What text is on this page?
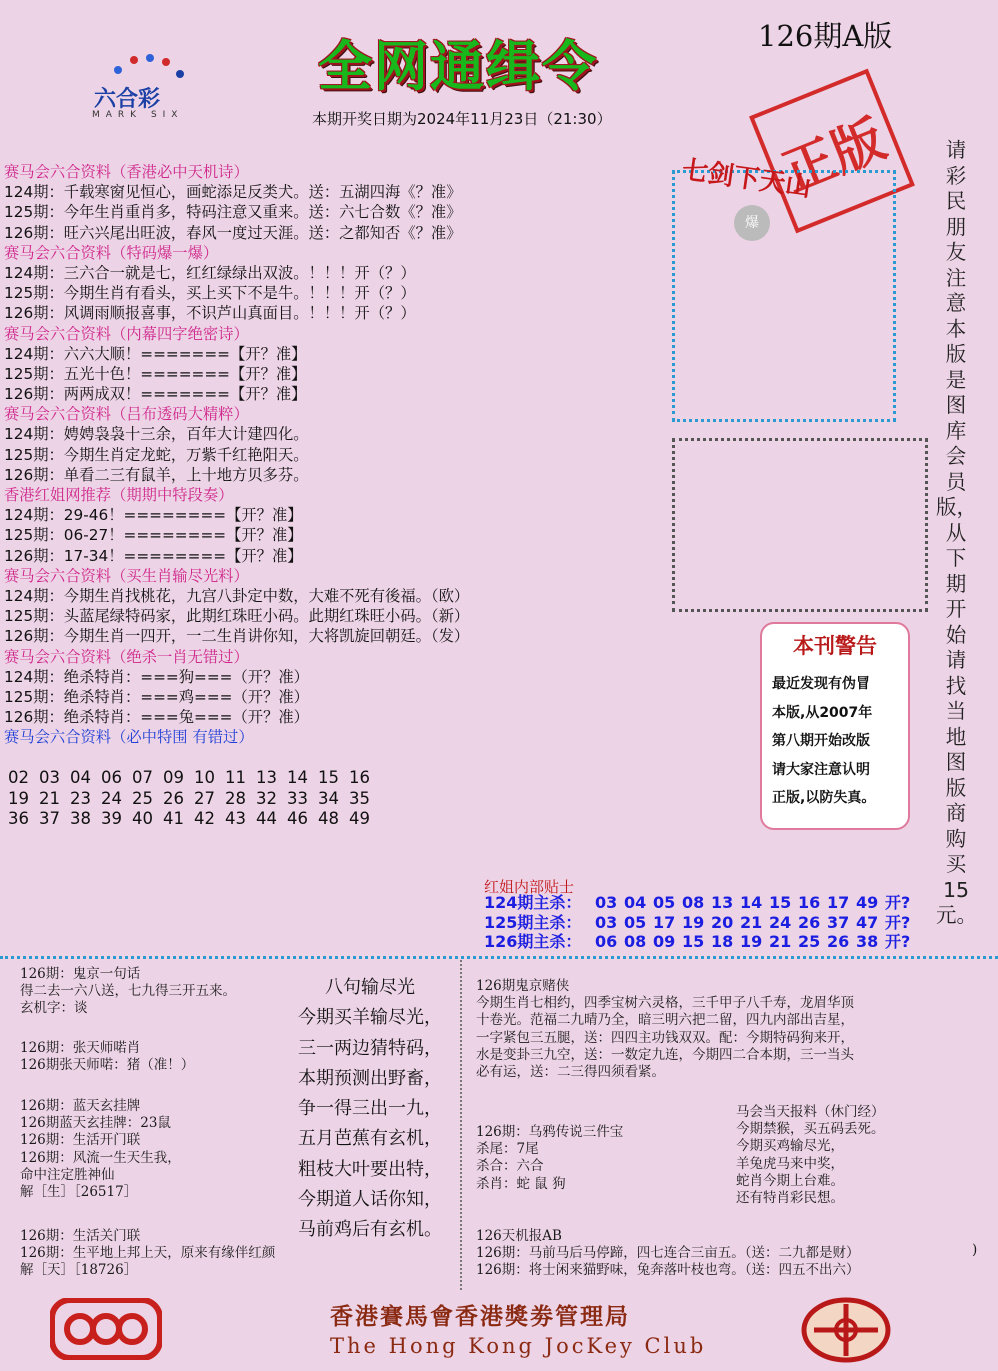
六合彩
MARK SIX
全网通缉令	126期A版
本期开奖日期为2024年11月23日（21:30）	正版
赛马会六合资料（香港必中天机诗）
124期：千载寒窗见恒心，画蛇添足反类犬。送：五湖四海《？准》
125期：今年生肖重肖多，特码注意又重来。送：六七合数《？准》
126期：旺六兴尾出旺波，春风一度过天涯。送：之都知否《？准》
赛马会六合资料（特码爆一爆）
124期：三六合一就是七，红红绿绿出双波。！！！开（？）
125期：今期生肖有看头，买上买下不是牛。！！！开（？）
126期：风调雨顺报喜事，不识芦山真面目。！！！开（？）
赛马会六合资料（内幕四字绝密诗）
124期：六六大顺！=======【开？准】
125期：五光十色！=======【开？准】
126期：两两成双！=======【开？准】
赛马会六合资料（吕布透码大精粹）
124期：娉娉袅袅十三余，百年大计建四化。
125期：今期生肖定龙蛇，万紫千红艳阳天。
126期：单看二三有鼠羊，上十地方贝多芬。
香港红姐网推荐（期期中特段奏）
124期：29-46！========【开？准】
125期：06-27！========【开？准】
126期：17-34！========【开？准】
赛马会六合资料（买生肖输尽光料）
124期：今期生肖找桃花，九宫八卦定中数，大难不死有後福。（欧）
125期：头蓝尾绿特码家，此期红珠旺小码。此期红珠旺小码。（新）
126期：今期生肖一四开，一二生肖讲你知，大将凯旋回朝廷。（发）
赛马会六合资料（绝杀一肖无错过）
124期：绝杀特肖：===狗===（开？准）
125期：绝杀特肖：===鸡===（开？准）
126期：绝杀特肖：===兔===（开？准）
赛马会六合资料（必中特围 有错过）
七剑下天山
爆
请彩民朋友注意本版是图库会员版，从下期开始请找当地图版商购买15元。
本刊警告
最近发现有伪冒
本版,从2007年
第八期开始改版
请大家注意认明
正版,以防失真。
02 03 04 06 07 09 10 11 13 14 15 16
19 21 23 24 25 26 27 28 32 33 34 35
36 37 38 39 40 41 42 43 44 46 48 49
红姐内部贴士
124期主杀： 03 04 05 08 13 14 15 16 17 49 开?
125期主杀： 03 05 17 19 20 21 24 26 37 47 开?
126期主杀： 06 08 09 15 18 19 21 25 26 38 开?
126期：鬼京一句话
得二去一六八送，七九得三开五来。
玄机字：谈
126期：张天师喏肖
126期张天师喏：猪（准！）
126期：蓝天玄挂牌
126期蓝天玄挂牌：23鼠
126期：生活开门联
126期：风流一生天生我，
命中注定胜神仙
解［生］［26517］
126期：生活关门联
126期：生平地上邦上天，原来有缘伴红颜
解［天］［18726］
八句输尽光
今期买羊输尽光，
三一两边猜特码，
本期预测出野畜，
争一得三出一九，
五月芭蕉有玄机，
粗枝大叶要出特，
今期道人话你知，
马前鸡后有玄机。
126期鬼京赌侠
今期生肖七相约，四季宝树六灵格，三千甲子八千寿，龙眉华顶
十卷光。范福二九晴乃全，暗三明六把二留，四九内部出吉星，
一字紧包三五腿，送：四四主功钱双双。配：今期特码狗来开，
水是变卦三九空，送：一数定九连，今期四二合本期，三一当头
必有运，送：二三得四须看紧。
126期：乌鸦传说三件宝
杀尾：7尾
杀合：六合
杀肖：蛇 鼠 狗
马会当天报料（休门经）
今期禁猴，买五码丢死。
今期买鸡输尽光，
羊兔虎马来中奖，
蛇肖今期上台难。
还有特肖彩民想。
126天机报AB
126期：马前马后马停蹄，四七连合三亩五。（送：二九都是财）
126期：将士闲来猫野味，兔奔落叶枝也弯。（送：四五不出六）
)
香港賽馬會香港獎劵管理局
The Hong Kong JocKey Club
